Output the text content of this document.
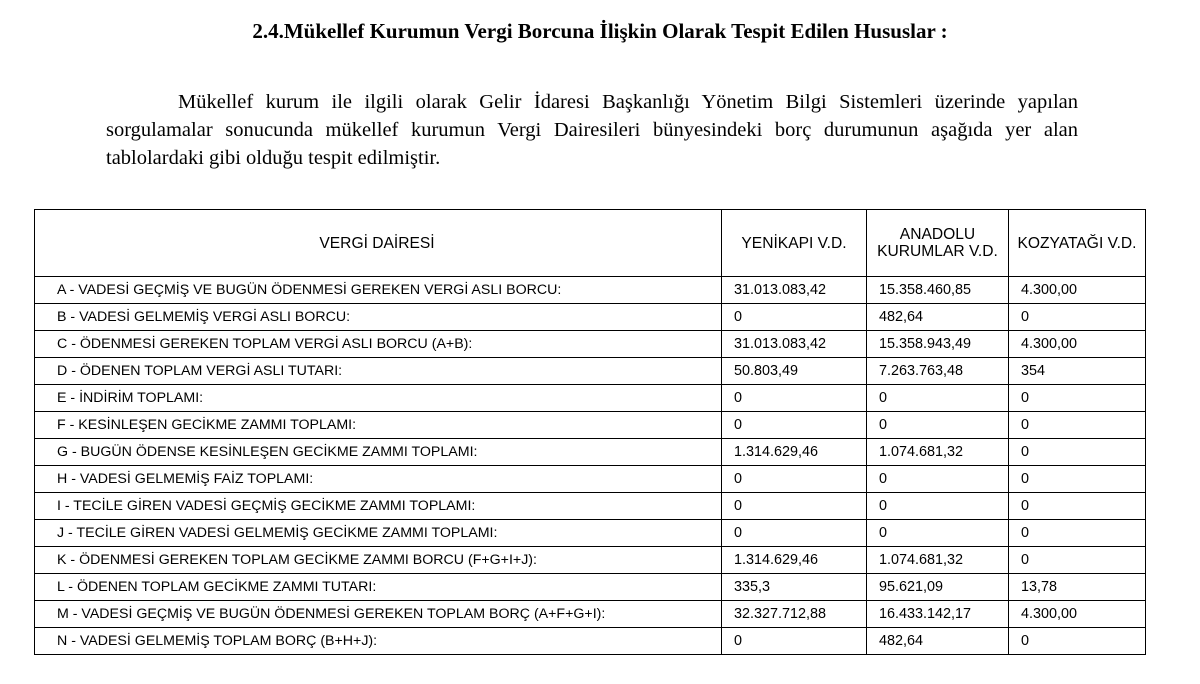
2.4.Mükellef Kurumun Vergi Borcuna İlişkin Olarak Tespit Edilen Hususlar :
Mükellef kurum ile ilgili olarak Gelir İdaresi Başkanlığı Yönetim Bilgi Sistemleri üzerinde yapılan sorgulamalar sonucunda mükellef kurumun Vergi Dairesileri bünyesindeki borç durumunun aşağıda yer alan tablolardaki gibi olduğu tespit edilmiştir.
VERGİ DAİRESİ	YENİKAPI V.D.	ANADOLU KURUMLAR V.D.	KOZYATAĞI V.D.
A - VADESİ GEÇMİŞ VE BUGÜN ÖDENMESİ GEREKEN VERGİ ASLI BORCU:	31.013.083,42	15.358.460,85	4.300,00
B - VADESİ GELMEMİŞ VERGİ ASLI BORCU:	0	482,64	0
C - ÖDENMESİ GEREKEN TOPLAM VERGİ ASLI BORCU (A+B):	31.013.083,42	15.358.943,49	4.300,00
D - ÖDENEN TOPLAM VERGİ ASLI TUTARI:	50.803,49	7.263.763,48	354
E - İNDİRİM TOPLAMI:	0	0	0
F - KESİNLEŞEN GECİKME ZAMMI TOPLAMI:	0	0	0
G - BUGÜN ÖDENSE KESİNLEŞEN GECİKME ZAMMI TOPLAMI:	1.314.629,46	1.074.681,32	0
H - VADESİ GELMEMİŞ FAİZ TOPLAMI:	0	0	0
I - TECİLE GİREN VADESİ GEÇMİŞ GECİKME ZAMMI TOPLAMI:	0	0	0
J - TECİLE GİREN VADESİ GELMEMİŞ GECİKME ZAMMI TOPLAMI:	0	0	0
K - ÖDENMESİ GEREKEN TOPLAM GECİKME ZAMMI BORCU (F+G+I+J):	1.314.629,46	1.074.681,32	0
L - ÖDENEN TOPLAM GECİKME ZAMMI TUTARI:	335,3	95.621,09	13,78
M - VADESİ GEÇMİŞ VE BUGÜN ÖDENMESİ GEREKEN TOPLAM BORÇ (A+F+G+I):	32.327.712,88	16.433.142,17	4.300,00
N - VADESİ GELMEMİŞ TOPLAM BORÇ (B+H+J):	0	482,64	0
